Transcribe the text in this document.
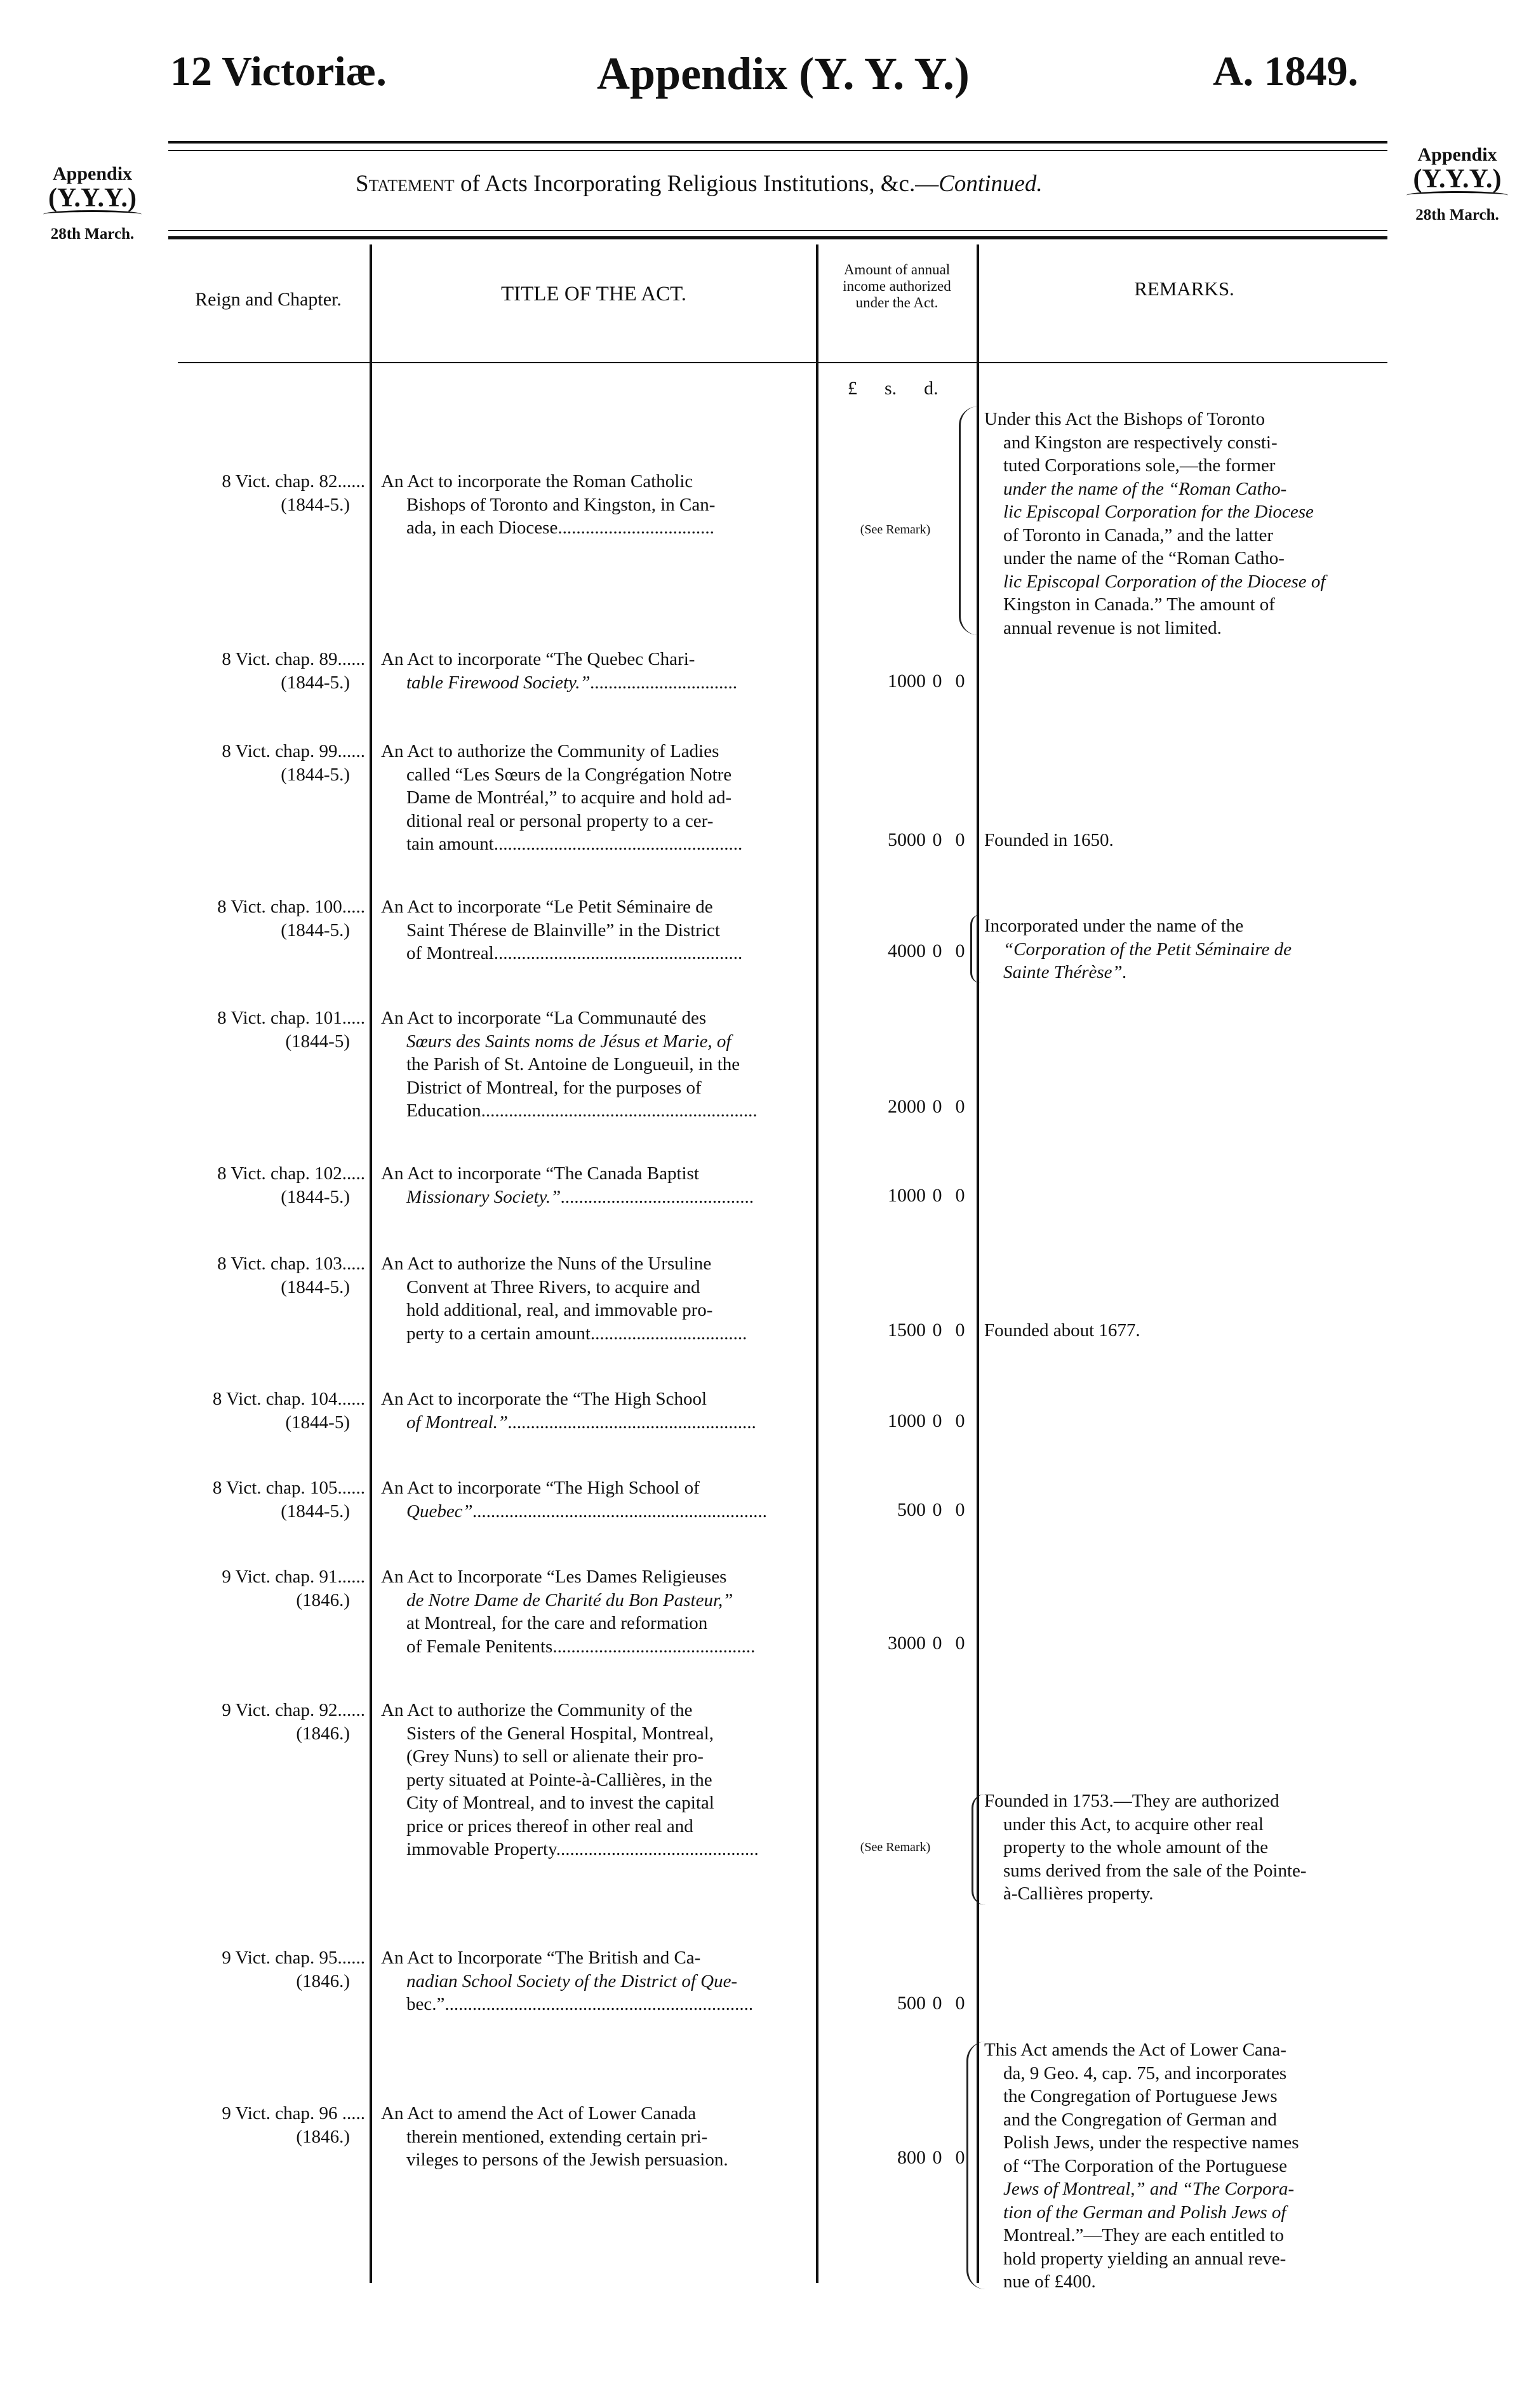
12 Victoriæ.	Appendix (Y. Y. Y.)	A. 1849.
Appendix
(Y.Y.Y.)
28th March.
Appendix
(Y.Y.Y.)
28th March.
Statement of Acts Incorporating Religious Institutions, &c.—Continued.
Reign and Chapter.	TITLE OF THE ACT.
Amount of annual
income authorized
under the Act.
REMARKS.
£  s.  d.
8 Vict. chap. 82......
(1844-5.)
An Act to incorporate the Roman Catholic
Bishops of Toronto and Kingston, in Can-
ada, in each Diocese..................................	(See Remark)
Under this Act the Bishops of Toronto
and Kingston are respectively consti-
tuted Corporations sole,—the former
under the name of the “Roman Catho-
lic Episcopal Corporation for the Diocese
of Toronto in Canada,” and the latter
under the name of the “Roman Catho-
lic Episcopal Corporation of the Diocese of
Kingston in Canada.” The amount of
annual revenue is not limited.
8 Vict. chap. 89......
(1844-5.)
An Act to incorporate “The Quebec Chari-
table Firewood Society.”................................	1000 0 0
8 Vict. chap. 99......
(1844-5.)
An Act to authorize the Community of Ladies
called “Les Sœurs de la Congrégation Notre
Dame de Montréal,” to acquire and hold ad-
ditional real or personal property to a cer-
tain amount......................................................	5000 0 0	Founded in 1650.
8 Vict. chap. 100.....
(1844-5.)
An Act to incorporate “Le Petit Séminaire de
Saint Thérese de Blainville” in the District
of Montreal......................................................	4000 0 0
Incorporated under the name of the
“Corporation of the Petit Séminaire de
Sainte Thérèse”.
8 Vict. chap. 101.....
(1844-5)
An Act to incorporate “La Communauté des
Sœurs des Saints noms de Jésus et Marie, of
the Parish of St. Antoine de Longueuil, in the
District of Montreal, for the purposes of
Education............................................................	2000 0 0
8 Vict. chap. 102.....
(1844-5.)
An Act to incorporate “The Canada Baptist
Missionary Society.”..........................................	1000 0 0
8 Vict. chap. 103.....
(1844-5.)
An Act to authorize the Nuns of the Ursuline
Convent at Three Rivers, to acquire and
hold additional, real, and immovable pro-
perty to a certain amount..................................	1500 0 0	Founded about 1677.
8 Vict. chap. 104......
(1844-5)
An Act to incorporate the “The High School
of Montreal.”......................................................	1000 0 0
8 Vict. chap. 105......
(1844-5.)
An Act to incorporate “The High School of
Quebec”................................................................	500 0 0
9 Vict. chap. 91......
(1846.)
An Act to Incorporate “Les Dames Religieuses
de Notre Dame de Charité du Bon Pasteur,”
at Montreal, for the care and reformation
of Female Penitents............................................	3000 0 0
9 Vict. chap. 92......
(1846.)
An Act to authorize the Community of the
Sisters of the General Hospital, Montreal,
(Grey Nuns) to sell or alienate their pro-
perty situated at Pointe-à-Callières, in the
City of Montreal, and to invest the capital
price or prices thereof in other real and
immovable Property............................................	(See Remark)
Founded in 1753.—They are authorized
under this Act, to acquire other real
property to the whole amount of the
sums derived from the sale of the Pointe-
à-Callières property.
9 Vict. chap. 95......
(1846.)
An Act to Incorporate “The British and Ca-
nadian School Society of the District of Que-
bec.”...................................................................	500 0 0
9 Vict. chap. 96 .....
(1846.)
An Act to amend the Act of Lower Canada
therein mentioned, extending certain pri-
vileges to persons of the Jewish persuasion.	800 0 0
This Act amends the Act of Lower Cana-
da, 9 Geo. 4, cap. 75, and incorporates
the Congregation of Portuguese Jews
and the Congregation of German and
Polish Jews, under the respective names
of “The Corporation of the Portuguese
Jews of Montreal,” and “The Corpora-
tion of the German and Polish Jews of
Montreal.”—They are each entitled to
hold property yielding an annual reve-
nue of £400.
